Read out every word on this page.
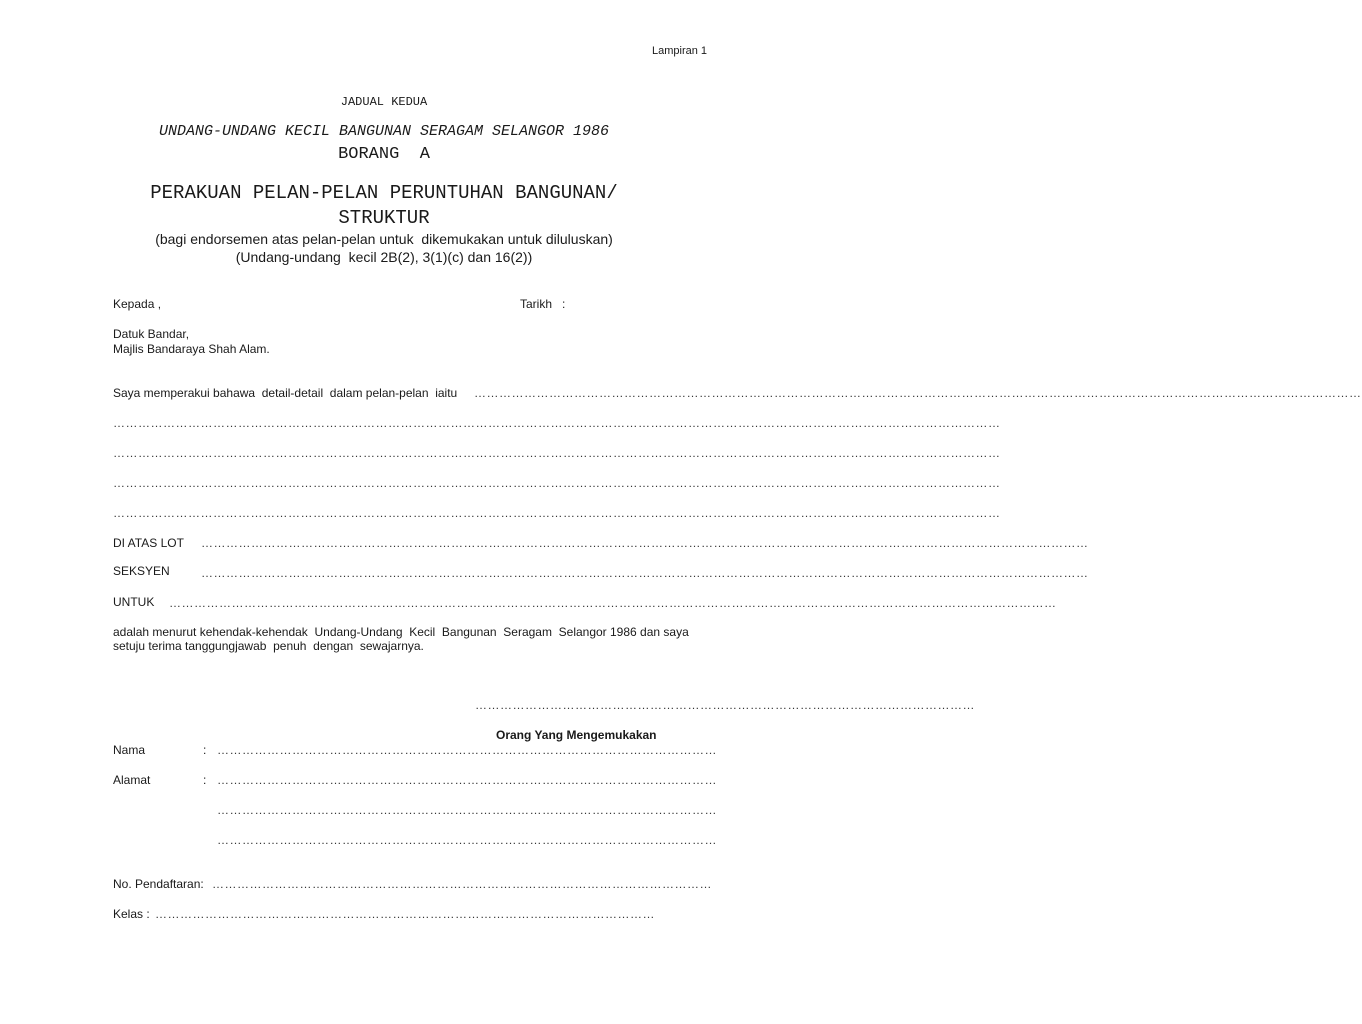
Lampiran 1
JADUAL KEDUA
UNDANG-UNDANG KECIL BANGUNAN SERAGAM SELANGOR 1986
BORANG  A
PERAKUAN PELAN-PELAN PERUNTUHAN BANGUNAN/
STRUKTUR
(bagi endorsemen atas pelan-pelan untuk  dikemukakan untuk diluluskan)
(Undang-undang  kecil 2B(2), 3(1)(c) dan 16(2))
Kepada ,	Tarikh   :
Datuk Bandar,
Majlis Bandaraya Shah Alam.
Saya memperakui bahawa  detail-detail  dalam pelan-pelan  iaitu ……………………………………………………………………………………………………………………………………………………………………………………………
……………………………………………………………………………………………………………………………………………………………………………………………
……………………………………………………………………………………………………………………………………………………………………………………………
……………………………………………………………………………………………………………………………………………………………………………………………
……………………………………………………………………………………………………………………………………………………………………………………………
DI ATAS LOT ……………………………………………………………………………………………………………………………………………………………………………………………
SEKSYEN	……………………………………………………………………………………………………………………………………………………………………………………………
UNTUK ……………………………………………………………………………………………………………………………………………………………………………………………
adalah menurut kehendak-kehendak  Undang-Undang  Kecil  Bangunan  Seragam  Selangor 1986 dan saya
setuju terima tanggungjawab  penuh  dengan  sewajarnya.
…………………………………………………………………………………………………………
Orang Yang Mengemukakan
Nama	: …………………………………………………………………………………………………………
Alamat	: …………………………………………………………………………………………………………
…………………………………………………………………………………………………………
…………………………………………………………………………………………………………
No. Pendaftaran: …………………………………………………………………………………………………………
Kelas : …………………………………………………………………………………………………………
